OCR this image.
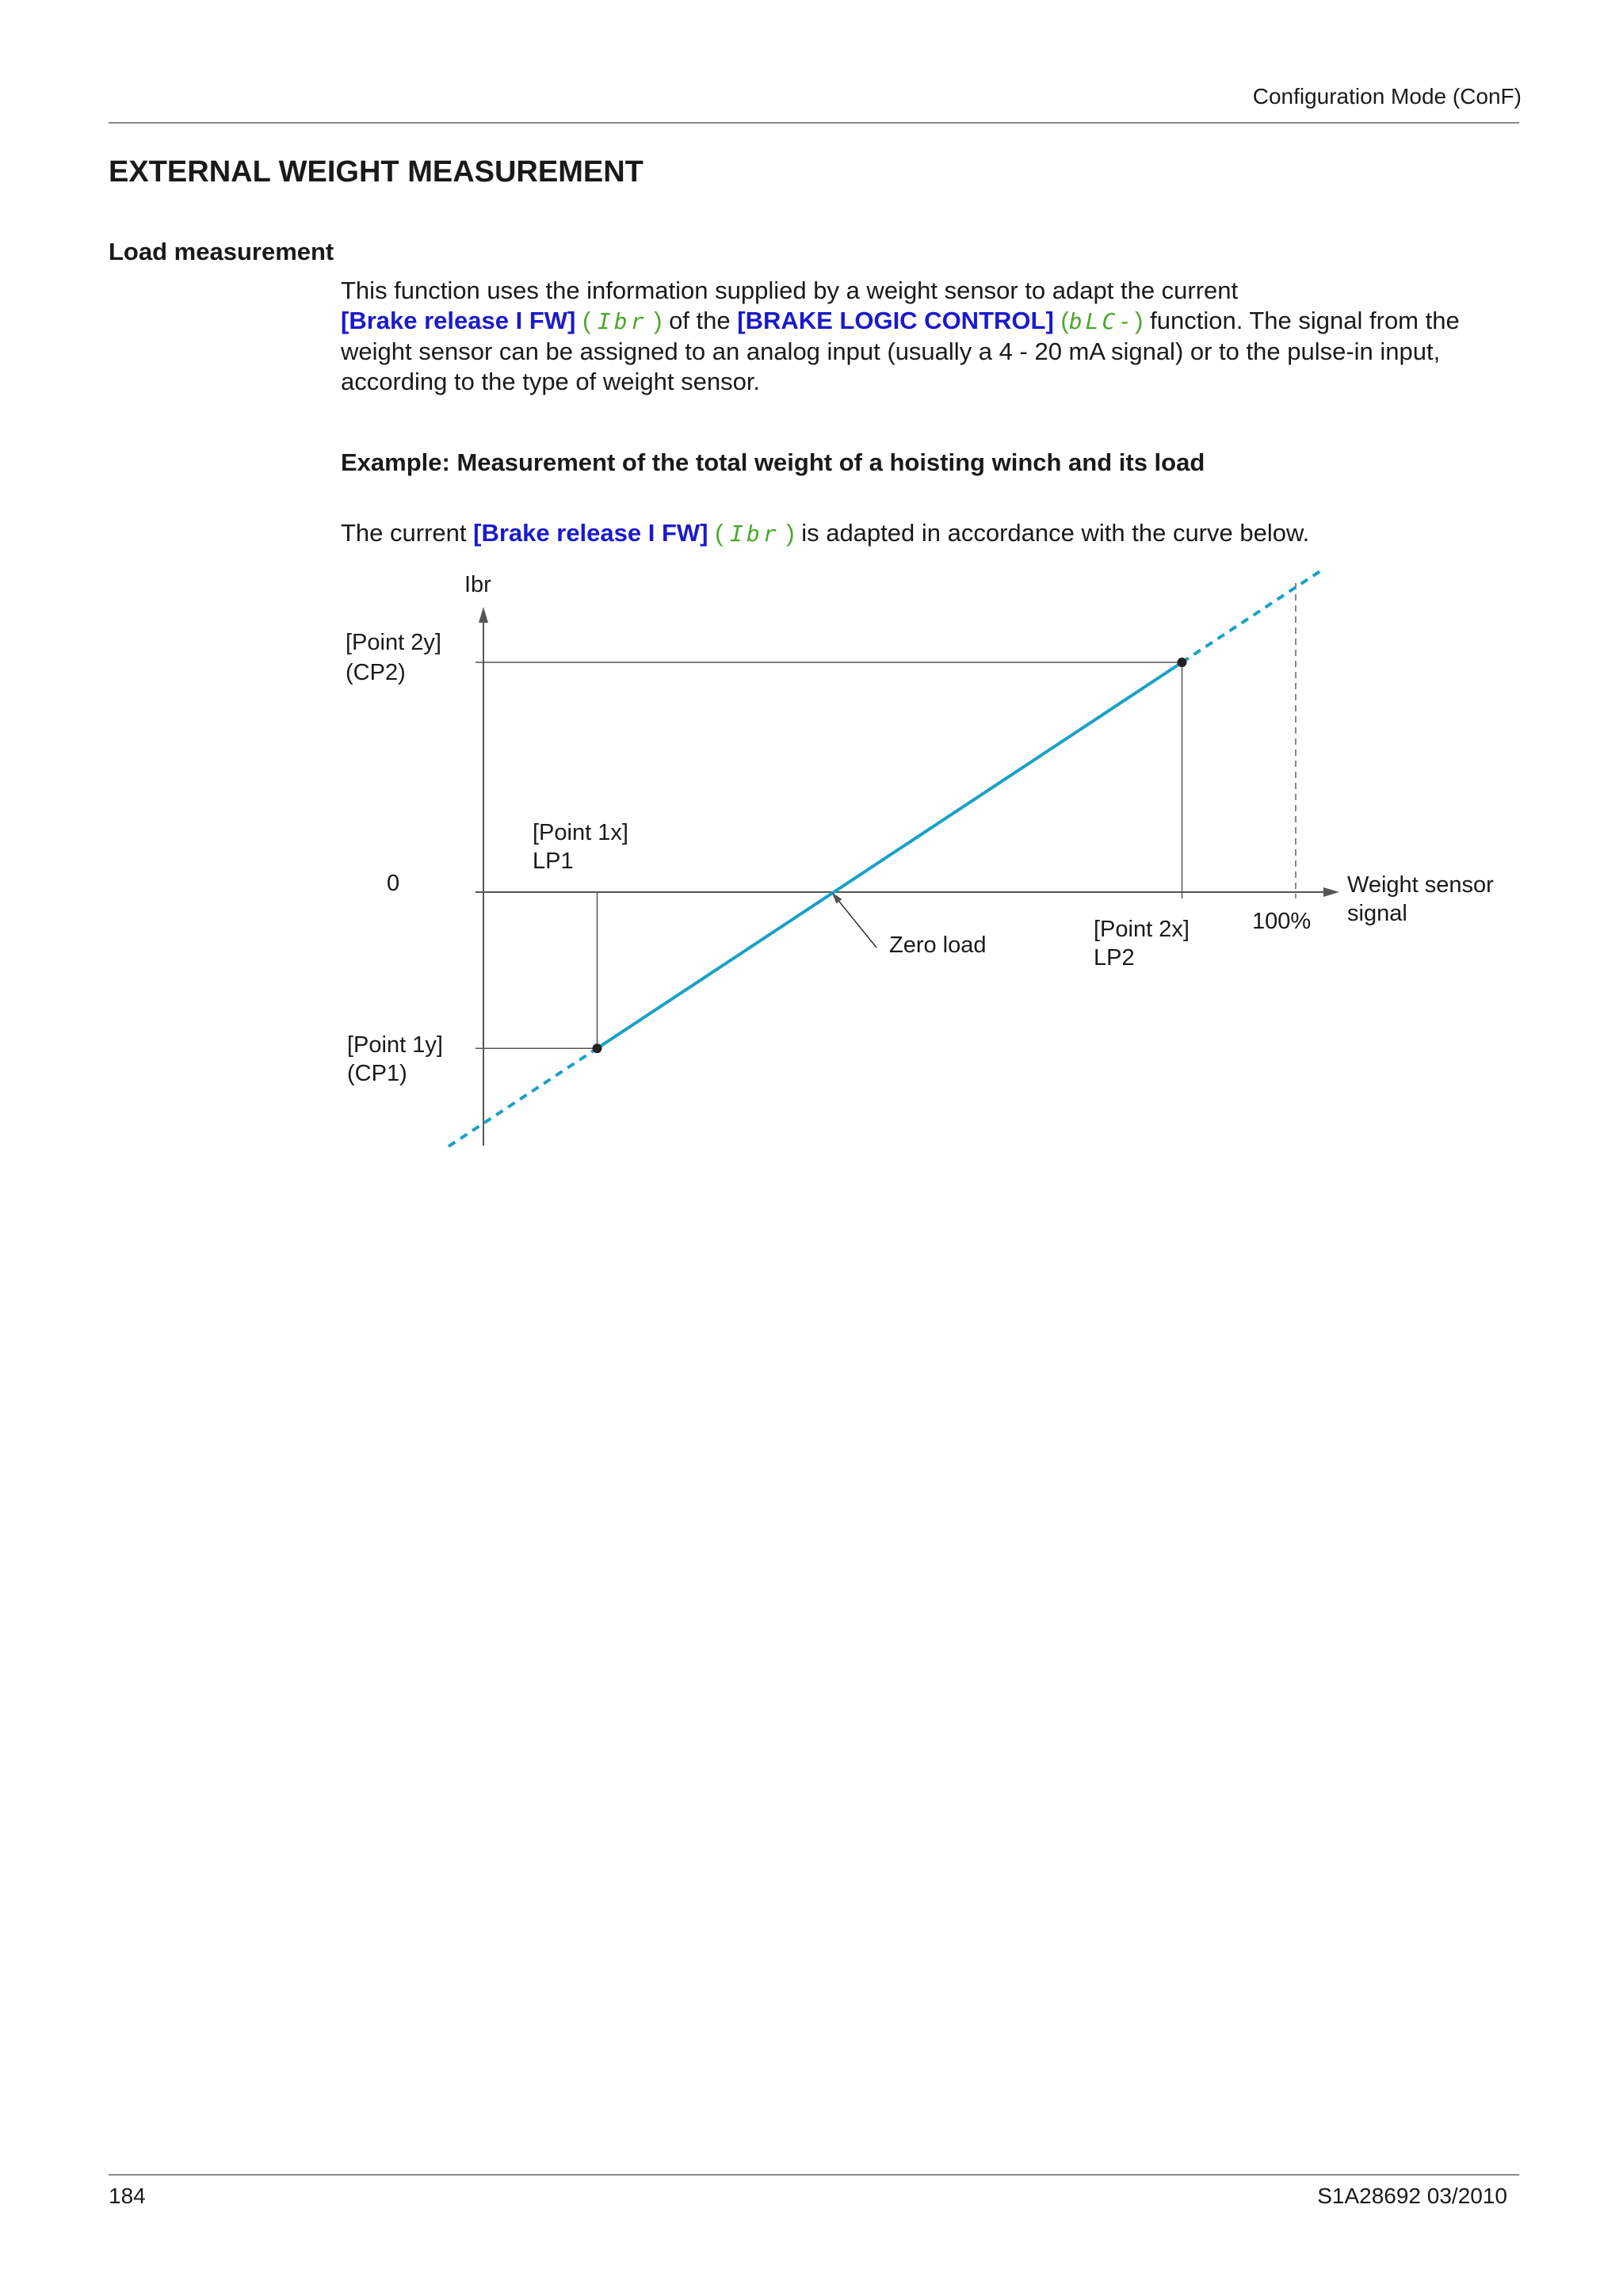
Configuration Mode (ConF)
EXTERNAL WEIGHT MEASUREMENT
Load measurement
This function uses the information supplied by a weight sensor to adapt the current
[Brake release I FW] ( Ibr ) of the [BRAKE LOGIC CONTROL] (bLC-) function. The signal from the weight sensor can be assigned to an analog input (usually a 4 - 20 mA signal) or to the pulse-in input, according to the type of weight sensor.
Example: Measurement of the total weight of a hoisting winch and its load
The current [Brake release I FW] ( Ibr ) is adapted in accordance with the curve below.
Ibr
[Point 2y]
(CP2)
[Point 1x]
LP1
0	Weight sensor
signal
100%
[Point 2x]
LP2
Zero load
[Point 1y]
(CP1)
184	S1A28692 03/2010
